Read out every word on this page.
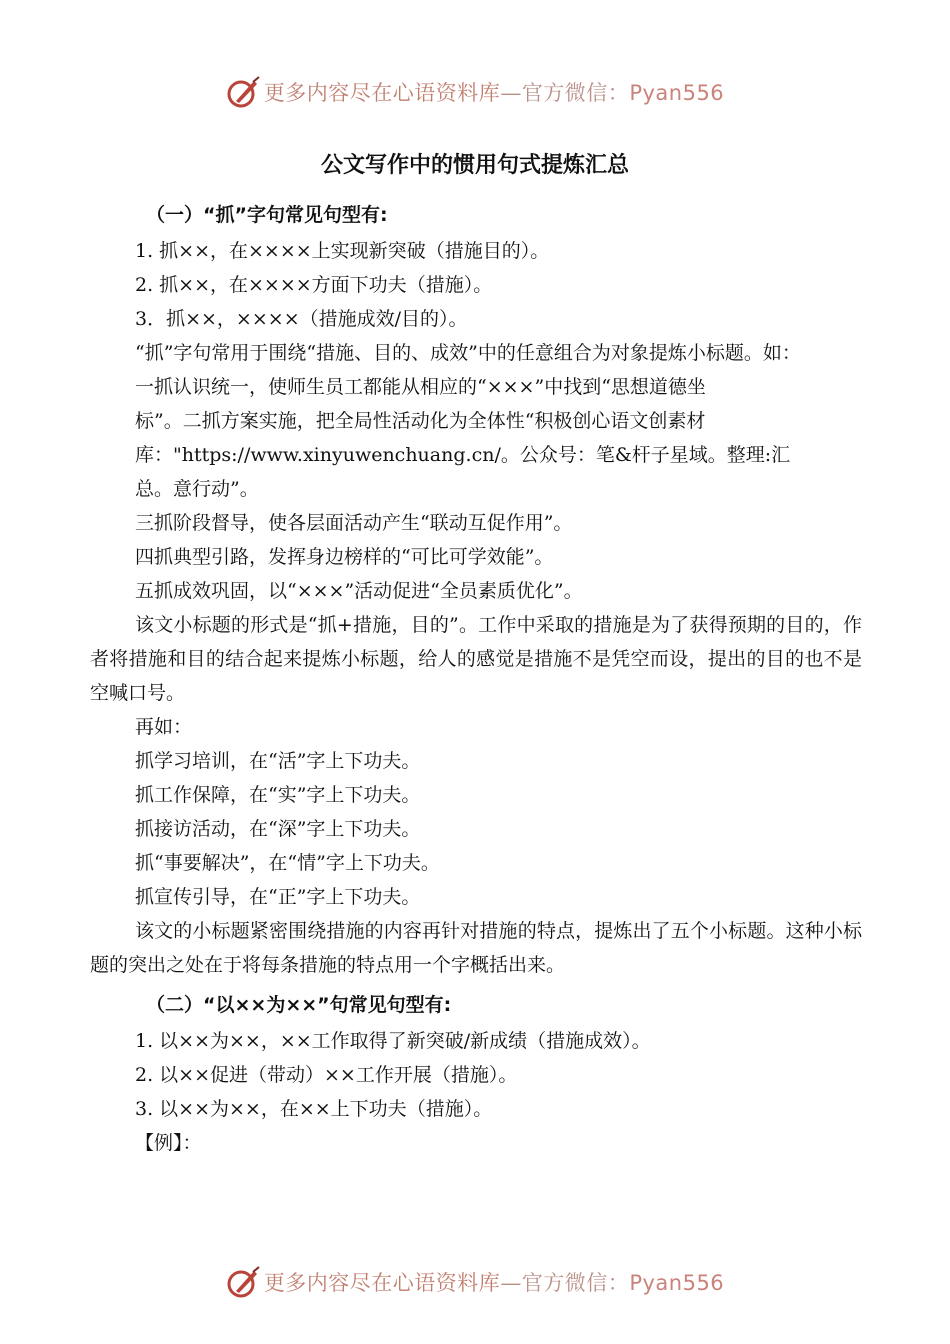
更多内容尽在心语资料库—官方微信：Pyan556
公文写作中的惯用句式提炼汇总
（一）“抓”字句常见句型有:
1. 抓××，在××××上实现新突破（措施目的）。
2. 抓××，在××××方面下功夫（措施）。
3．抓××，××××（措施成效/目的）。
“抓”字句常用于围绕“措施、目的、成效”中的任意组合为对象提炼小标题。如：
一抓认识统一，使师生员工都能从相应的“×××”中找到“思想道德坐
标”。二抓方案实施，把全局性活动化为全体性“积极创心语文创素材
库："https://www.xinyuwenchuang.cn/。公众号：笔&杆子星域。整理:汇
总。意行动”。
三抓阶段督导，使各层面活动产生“联动互促作用”。
四抓典型引路，发挥身边榜样的“可比可学效能”。
五抓成效巩固，以“×××”活动促进“全员素质优化”。
该文小标题的形式是“抓+措施，目的”。工作中采取的措施是为了获得预期的目的，作者将措施和目的结合起来提炼小标题，给人的感觉是措施不是凭空而设，提出的目的也不是空喊口号。
再如：
抓学习培训，在“活”字上下功夫。
抓工作保障，在“实”字上下功夫。
抓接访活动，在“深”字上下功夫。
抓“事要解决”，在“情”字上下功夫。
抓宣传引导，在“正”字上下功夫。
该文的小标题紧密围绕措施的内容再针对措施的特点，提炼出了五个小标题。这种小标题的突出之处在于将每条措施的特点用一个字概括出来。
（二）“以××为××”句常见句型有:
1. 以××为××，××工作取得了新突破/新成绩（措施成效）。
2. 以××促进（带动）××工作开展（措施）。
3. 以××为××，在××上下功夫（措施）。
【例】：
更多内容尽在心语资料库—官方微信：Pyan556
